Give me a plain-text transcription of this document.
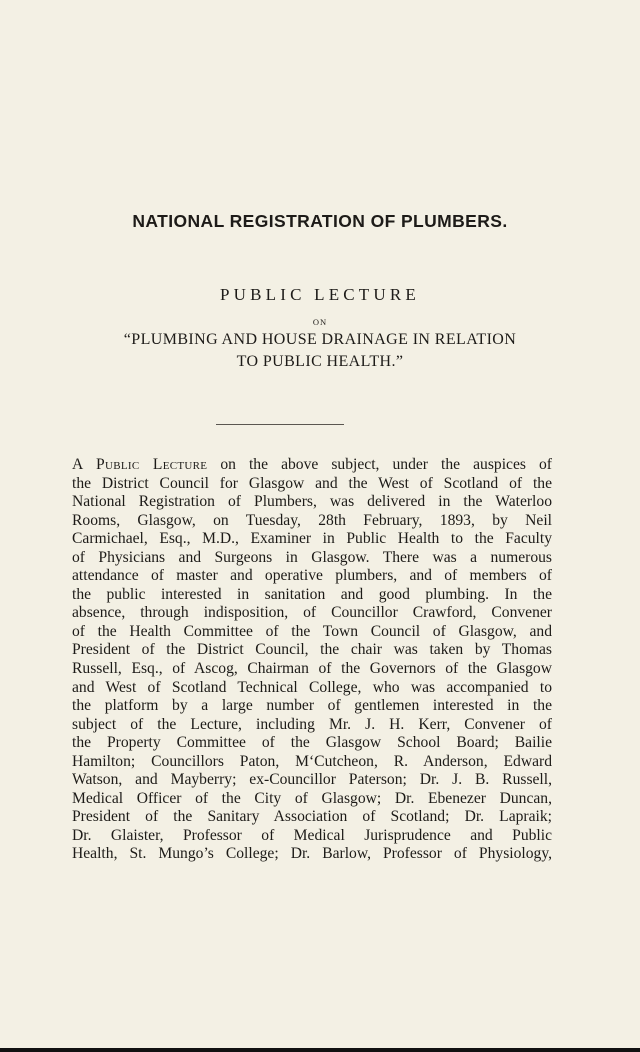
NATIONAL REGISTRATION OF PLUMBERS.
PUBLIC LECTURE
ON
“PLUMBING AND HOUSE DRAINAGE IN RELATION
TO PUBLIC HEALTH.”
A Public Lecture on the above subject, under the auspices of
the District Council for Glasgow and the West of Scotland of the
National Registration of Plumbers, was delivered in the Waterloo
Rooms, Glasgow, on Tuesday, 28th February, 1893, by Neil
Carmichael, Esq., M.D., Examiner in Public Health to the Faculty
of Physicians and Surgeons in Glasgow. There was a numerous
attendance of master and operative plumbers, and of members of
the public interested in sanitation and good plumbing. In the
absence, through indisposition, of Councillor Crawford, Convener
of the Health Committee of the Town Council of Glasgow, and
President of the District Council, the chair was taken by Thomas
Russell, Esq., of Ascog, Chairman of the Governors of the Glasgow
and West of Scotland Technical College, who was accompanied to
the platform by a large number of gentlemen interested in the
subject of the Lecture, including Mr. J. H. Kerr, Convener of
the Property Committee of the Glasgow School Board; Bailie
Hamilton; Councillors Paton, M‘Cutcheon, R. Anderson, Edward
Watson, and Mayberry; ex-Councillor Paterson; Dr. J. B. Russell,
Medical Officer of the City of Glasgow; Dr. Ebenezer Duncan,
President of the Sanitary Association of Scotland; Dr. Lapraik;
Dr. Glaister, Professor of Medical Jurisprudence and Public
Health, St. Mungo’s College; Dr. Barlow, Professor of Physiology,
